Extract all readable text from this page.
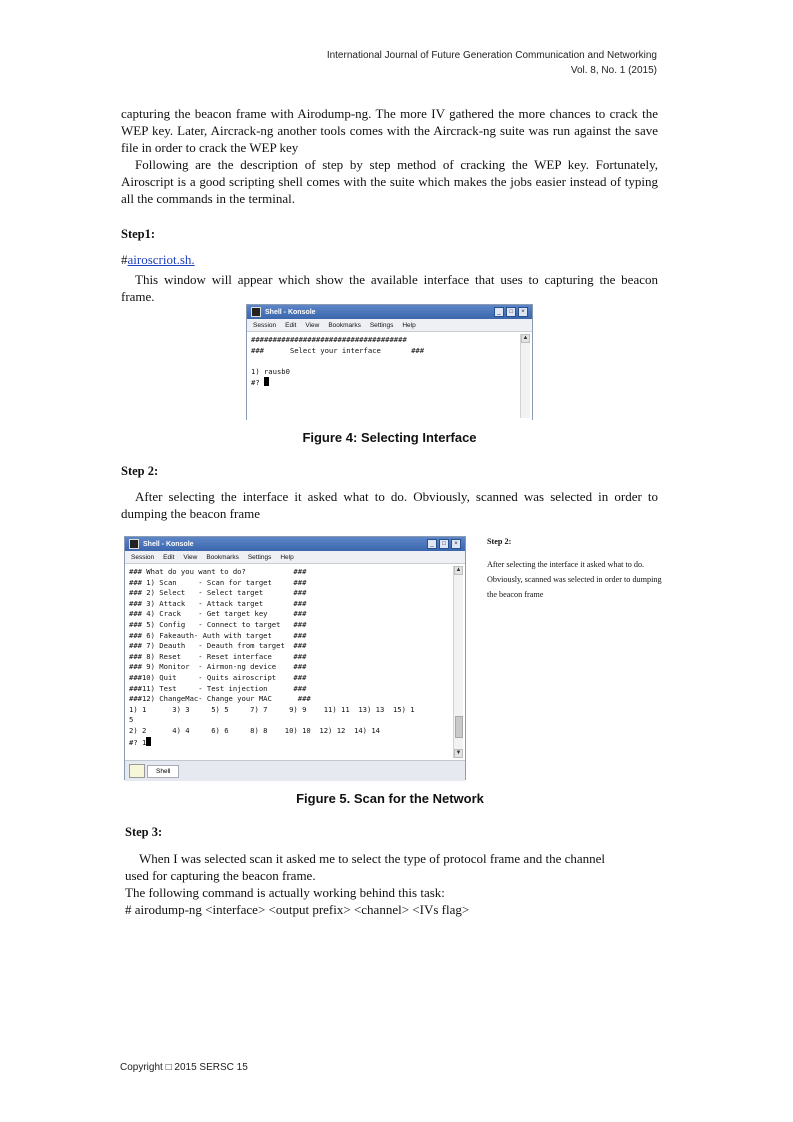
International Journal of Future Generation Communication and Networking
Vol. 8, No. 1 (2015)
capturing the beacon frame with Airodump-ng. The more IV gathered the more chances to crack the WEP key. Later, Aircrack-ng another tools comes with the Aircrack-ng suite was run against the save file in order to crack the WEP key
Following are the description of step by step method of cracking the WEP key. Fortunately, Airoscript is a good scripting shell comes with the suite which makes the jobs easier instead of typing all the commands in the terminal.
Step1:
#airoscriot.sh.
This window will appear which show the available interface that uses to capturing the beacon frame.
Shell - Konsole	_	□	×
Session Edit View Bookmarks Settings Help
####################################
###      Select your interface       ###

1) rausb0
#?
▲
Figure 4: Selecting Interface
Step 2:
After selecting the interface it asked what to do. Obviously, scanned was selected in order to dumping the beacon frame
Shell - Konsole	_	□	×
Session Edit View Bookmarks Settings Help
### What do you want to do?           ###
### 1) Scan     - Scan for target     ###
### 2) Select   - Select target       ###
### 3) Attack   - Attack target       ###
### 4) Crack    - Get target key      ###
### 5) Config   - Connect to target   ###
### 6) Fakeauth- Auth with target     ###
### 7) Deauth   - Deauth from target  ###
### 8) Reset    - Reset interface     ###
### 9) Monitor  - Airmon-ng device    ###
###10) Quit     - Quits airoscript    ###
###11) Test     - Test injection      ###
###12) ChangeMac- Change your MAC      ###
1) 1      3) 3     5) 5     7) 7     9) 9    11) 11  13) 13  15) 1
5
2) 2      4) 4     6) 6     8) 8    10) 10  12) 12  14) 14
#? 1
▲
▼
Shell
Figure 5. Scan for the Network
Step 2:
After selecting the interface it asked what to do. Obviously, scanned was selected in order to dumping the beacon frame
Step 3:
When I was selected scan it asked me to select the type of protocol frame and the channel used for capturing the beacon frame.
The following command is actually working behind this task:
# airodump-ng <interface> <output prefix> <channel> <IVs flag>
Copyright □ 2015 SERSC 15
